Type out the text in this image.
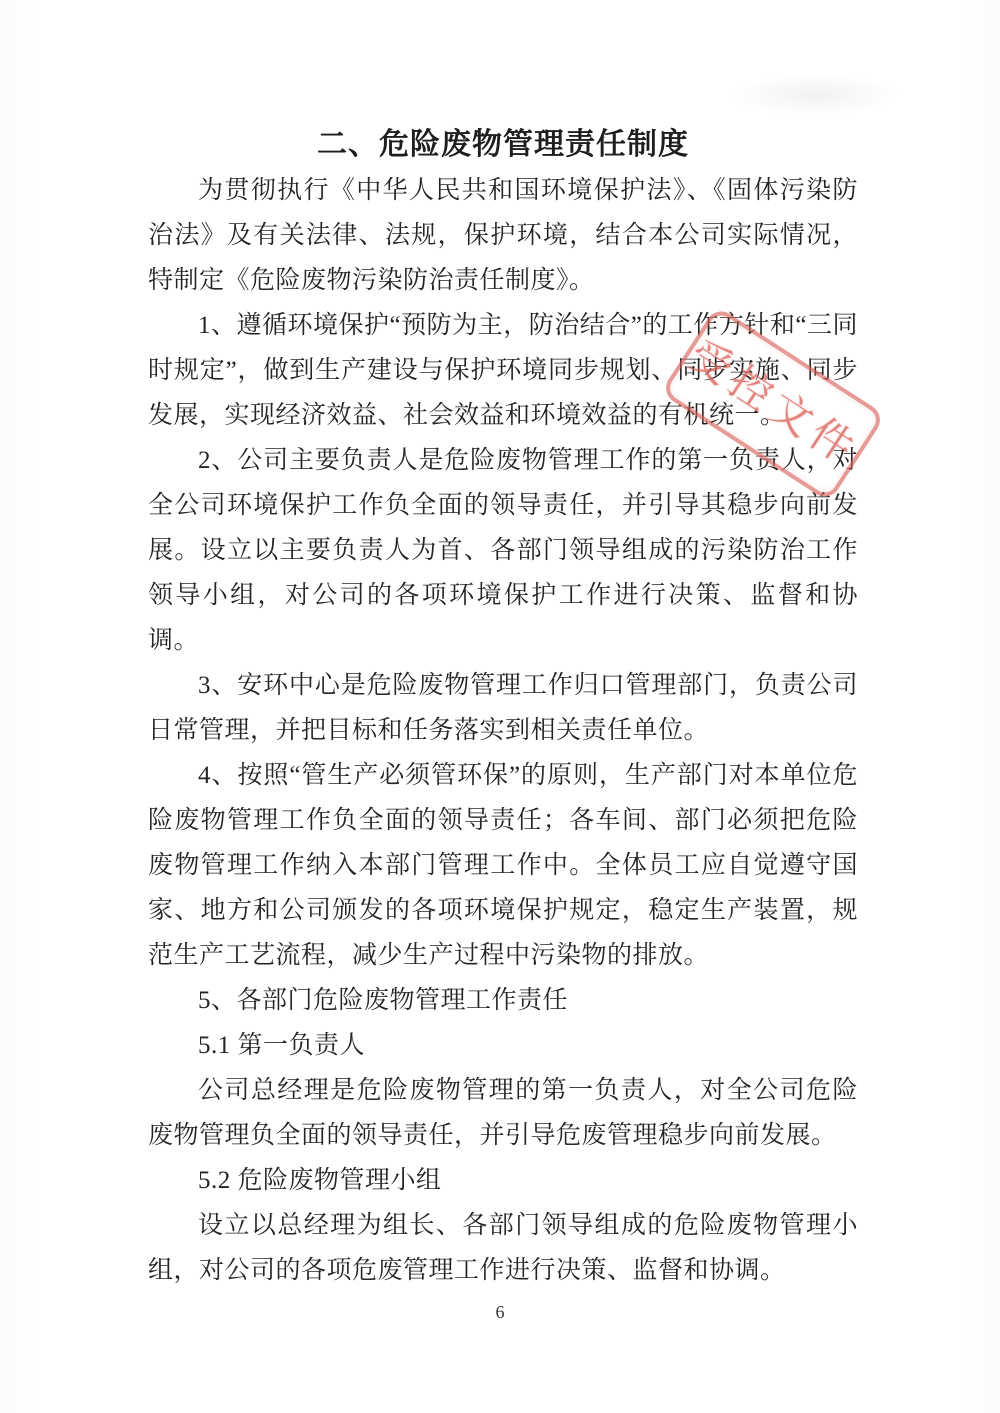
二、危险废物管理责任制度

为贯彻执行《中华人民共和国环境保护法》、《固体污染防治法》及有关法律、法规，保护环境，结合本公司实际情况，特制定《危险废物污染防治责任制度》。

1、遵循环境保护“预防为主，防治结合”的工作方针和“三同时规定”，做到生产建设与保护环境同步规划、同步实施、同步发展，实现经济效益、社会效益和环境效益的有机统一。

2、公司主要负责人是危险废物管理工作的第一负责人，对全公司环境保护工作负全面的领导责任，并引导其稳步向前发展。设立以主要负责人为首、各部门领导组成的污染防治工作领导小组，对公司的各项环境保护工作进行决策、监督和协调。

3、安环中心是危险废物管理工作归口管理部门，负责公司日常管理，并把目标和任务落实到相关责任单位。

4、按照“管生产必须管环保”的原则，生产部门对本单位危险废物管理工作负全面的领导责任；各车间、部门必须把危险废物管理工作纳入本部门管理工作中。全体员工应自觉遵守国家、地方和公司颁发的各项环境保护规定，稳定生产装置，规范生产工艺流程，减少生产过程中污染物的排放。

5、各部门危险废物管理工作责任

5.1 第一负责人

公司总经理是危险废物管理的第一负责人，对全公司危险废物管理负全面的领导责任，并引导危废管理稳步向前发展。

5.2 危险废物管理小组

设立以总经理为组长、各部门领导组成的危险废物管理小组，对公司的各项危废管理工作进行决策、监督和协调。

受控文件
6
